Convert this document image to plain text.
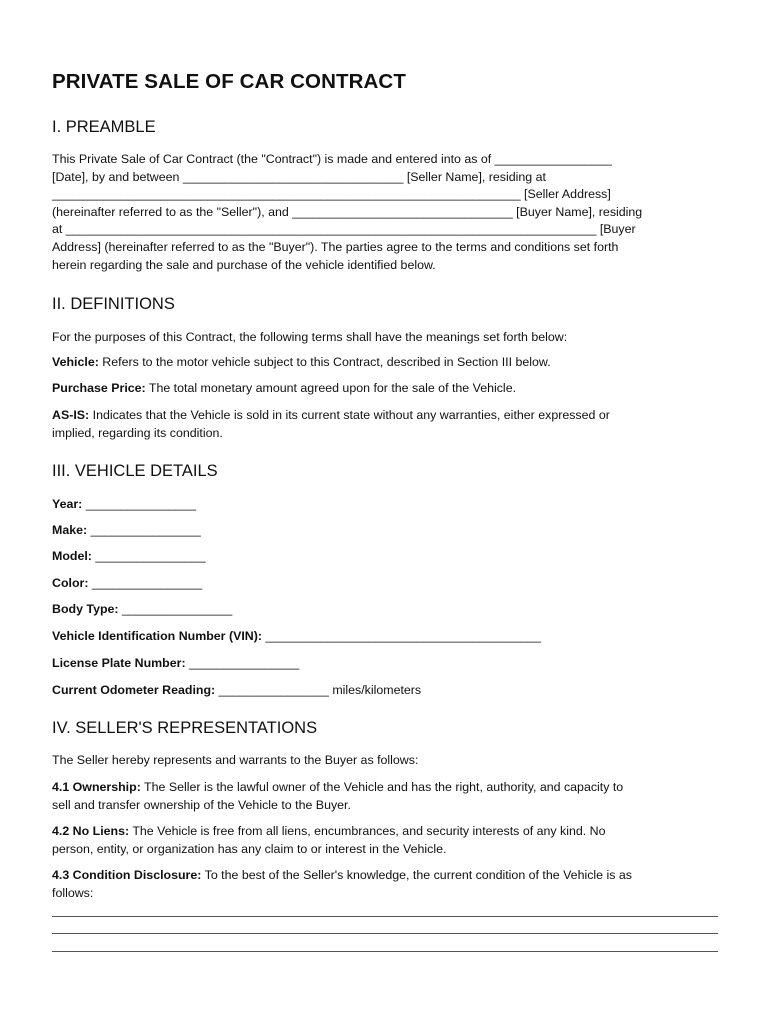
PRIVATE SALE OF CAR CONTRACT
I. PREAMBLE
This Private Sale of Car Contract (the "Contract") is made and entered into as of _________________
[Date], by and between ________________________________ [Seller Name], residing at
____________________________________________________________________ [Seller Address]
(hereinafter referred to as the "Seller"), and ________________________________ [Buyer Name], residing
at _____________________________________________________________________________ [Buyer
Address] (hereinafter referred to as the "Buyer"). The parties agree to the terms and conditions set forth
herein regarding the sale and purchase of the vehicle identified below.
II. DEFINITIONS

For the purposes of this Contract, the following terms shall have the meanings set forth below:

Vehicle: Refers to the motor vehicle subject to this Contract, described in Section III below.

Purchase Price: The total monetary amount agreed upon for the sale of the Vehicle.

AS-IS: Indicates that the Vehicle is sold in its current state without any warranties, either expressed or
implied, regarding its condition.
III. VEHICLE DETAILS

Year: ________________

Make: ________________

Model: ________________

Color: ________________

Body Type: ________________

Vehicle Identification Number (VIN): ________________________________________

License Plate Number: ________________

Current Odometer Reading: ________________ miles/kilometers

IV. SELLER'S REPRESENTATIONS

The Seller hereby represents and warrants to the Buyer as follows:

4.1 Ownership: The Seller is the lawful owner of the Vehicle and has the right, authority, and capacity to
sell and transfer ownership of the Vehicle to the Buyer.
4.2 No Liens: The Vehicle is free from all liens, encumbrances, and security interests of any kind. No
person, entity, or organization has any claim to or interest in the Vehicle.
4.3 Condition Disclosure: To the best of the Seller's knowledge, the current condition of the Vehicle is as
follows:
